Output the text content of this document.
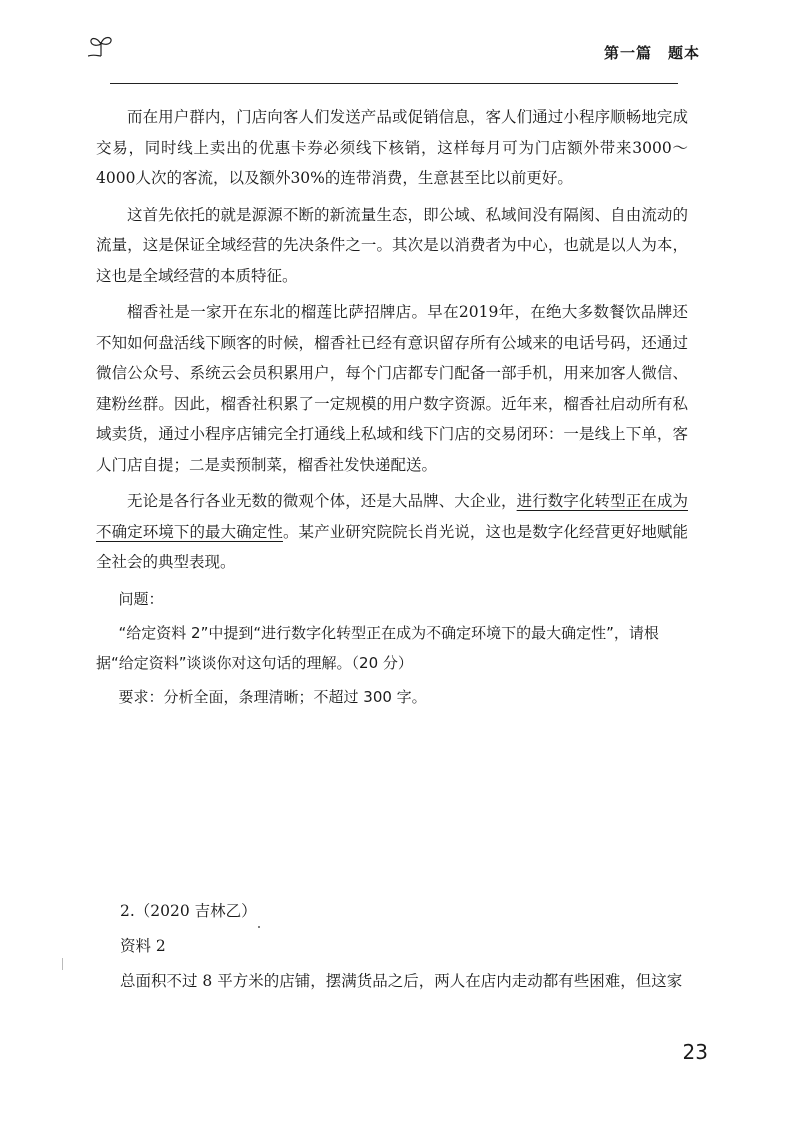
第一篇　题本

而在用户群内，门店向客人们发送产品或促销信息，客人们通过小程序顺畅地完成交易，同时线上卖出的优惠卡券必须线下核销，这样每月可为门店额外带来3000～4000人次的客流，以及额外30%的连带消费，生意甚至比以前更好。

这首先依托的就是源源不断的新流量生态，即公域、私域间没有隔阂、自由流动的流量，这是保证全域经营的先决条件之一。其次是以消费者为中心，也就是以人为本，这也是全域经营的本质特征。

榴香社是一家开在东北的榴莲比萨招牌店。早在2019年，在绝大多数餐饮品牌还不知如何盘活线下顾客的时候，榴香社已经有意识留存所有公域来的电话号码，还通过微信公众号、系统云会员积累用户，每个门店都专门配备一部手机，用来加客人微信、建粉丝群。因此，榴香社积累了一定规模的用户数字资源。近年来，榴香社启动所有私域卖货，通过小程序店铺完全打通线上私域和线下门店的交易闭环：一是线上下单，客人门店自提；二是卖预制菜，榴香社发快递配送。

无论是各行各业无数的微观个体，还是大品牌、大企业，进行数字化转型正在成为不确定环境下的最大确定性。某产业研究院院长肖光说，这也是数字化经营更好地赋能全社会的典型表现。

问题：

“给定资料 2”中提到“进行数字化转型正在成为不确定环境下的最大确定性”，请根据“给定资料”谈谈你对这句话的理解。（20 分）

要求：分析全面，条理清晰；不超过 300 字。

2.（2020 吉林乙）

资料 2

总面积不过 8 平方米的店铺，摆满货品之后，两人在店内走动都有些困难，但这家

23
